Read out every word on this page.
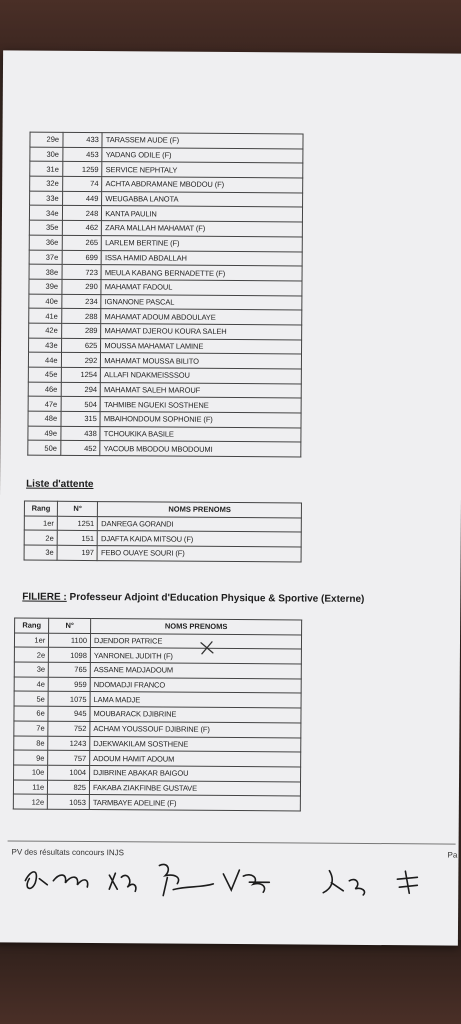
29e	433	TARASSEM AUDE (F)
30e	453	YADANG ODILE (F)
31e	1259	SERVICE NEPHTALY
32e	74	ACHTA ABDRAMANE MBODOU (F)
33e	449	WEUGABBA LANOTA
34e	248	KANTA PAULIN
35e	462	ZARA MALLAH MAHAMAT (F)
36e	265	LARLEM BERTINE (F)
37e	699	ISSA HAMID ABDALLAH
38e	723	MEULA KABANG BERNADETTE (F)
39e	290	MAHAMAT FADOUL
40e	234	IGNANONE PASCAL
41e	288	MAHAMAT ADOUM ABDOULAYE
42e	289	MAHAMAT DJEROU KOURA SALEH
43e	625	MOUSSA MAHAMAT LAMINE
44e	292	MAHAMAT MOUSSA BILITO
45e	1254	ALLAFI NDAKMEISSSOU
46e	294	MAHAMAT SALEH MAROUF
47e	504	TAHMIBE NGUEKI SOSTHENE
48e	315	MBAIHONDOUM SOPHONIE (F)
49e	438	TCHOUKIKA BASILE
50e	452	YACOUB MBODOU MBODOUMI
Liste d'attente
Rang	N°	NOMS PRENOMS
1er	1251	DANREGA GORANDI
2e	151	DJAFTA KAIDA MITSOU (F)
3e	197	FEBO OUAYE SOURI (F)
FILIERE : Professeur Adjoint d'Education Physique & Sportive (Externe)
Rang	N°	NOMS PRENOMS
1er	1100	DJENDOR PATRICE
2e	1098	YANRONEL JUDITH (F)
3e	765	ASSANE MADJADOUM
4e	959	NDOMADJI FRANCO
5e	1075	LAMA MADJE
6e	945	MOUBARACK DJIBRINE
7e	752	ACHAM YOUSSOUF DJIBRINE (F)
8e	1243	DJEKWAKILAM SOSTHENE
9e	757	ADOUM HAMIT ADOUM
10e	1004	DJIBRINE ABAKAR BAIGOU
11e	825	FAKABA ZIAKFINBE GUSTAVE
12e	1053	TARMBAYE ADELINE (F)
PV des résultats concours INJS	Pa
